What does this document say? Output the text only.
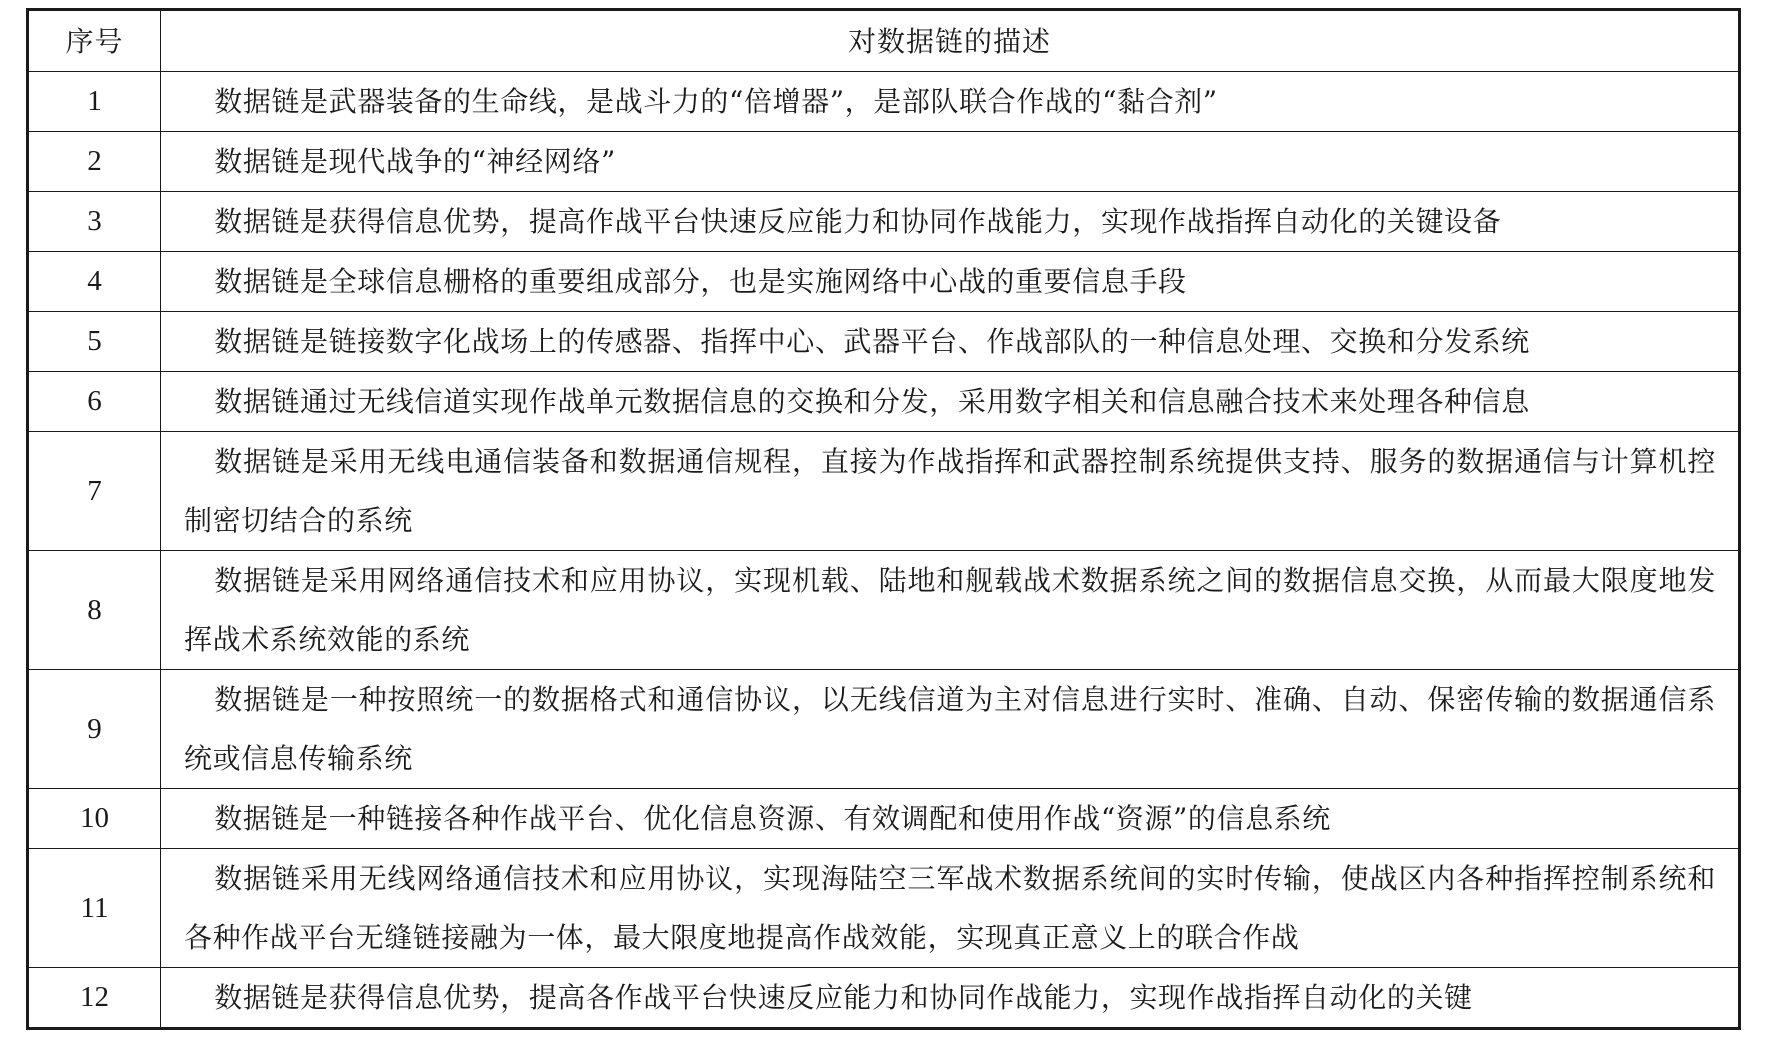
序号	对数据链的描述
1	数据链是武器装备的生命线，是战斗力的“倍增器”，是部队联合作战的“黏合剂”

2	数据链是现代战争的“神经网络”

3	数据链是获得信息优势，提高作战平台快速反应能力和协同作战能力，实现作战指挥自动化的关键设备

4	数据链是全球信息栅格的重要组成部分，也是实施网络中心战的重要信息手段

5	数据链是链接数字化战场上的传感器、指挥中心、武器平台、作战部队的一种信息处理、交换和分发系统

6	数据链通过无线信道实现作战单元数据信息的交换和分发，采用数字相关和信息融合技术来处理各种信息

7	数据链是采用无线电通信装备和数据通信规程，直接为作战指挥和武器控制系统提供支持、服务的数据通信与计算机控制密切结合的系统

8	数据链是采用网络通信技术和应用协议，实现机载、陆地和舰载战术数据系统之间的数据信息交换，从而最大限度地发挥战术系统效能的系统

9	数据链是一种按照统一的数据格式和通信协议，以无线信道为主对信息进行实时、准确、自动、保密传输的数据通信系统或信息传输系统

10	数据链是一种链接各种作战平台、优化信息资源、有效调配和使用作战“资源”的信息系统

11	数据链采用无线网络通信技术和应用协议，实现海陆空三军战术数据系统间的实时传输，使战区内各种指挥控制系统和各种作战平台无缝链接融为一体，最大限度地提高作战效能，实现真正意义上的联合作战

12	数据链是获得信息优势，提高各作战平台快速反应能力和协同作战能力，实现作战指挥自动化的关键
